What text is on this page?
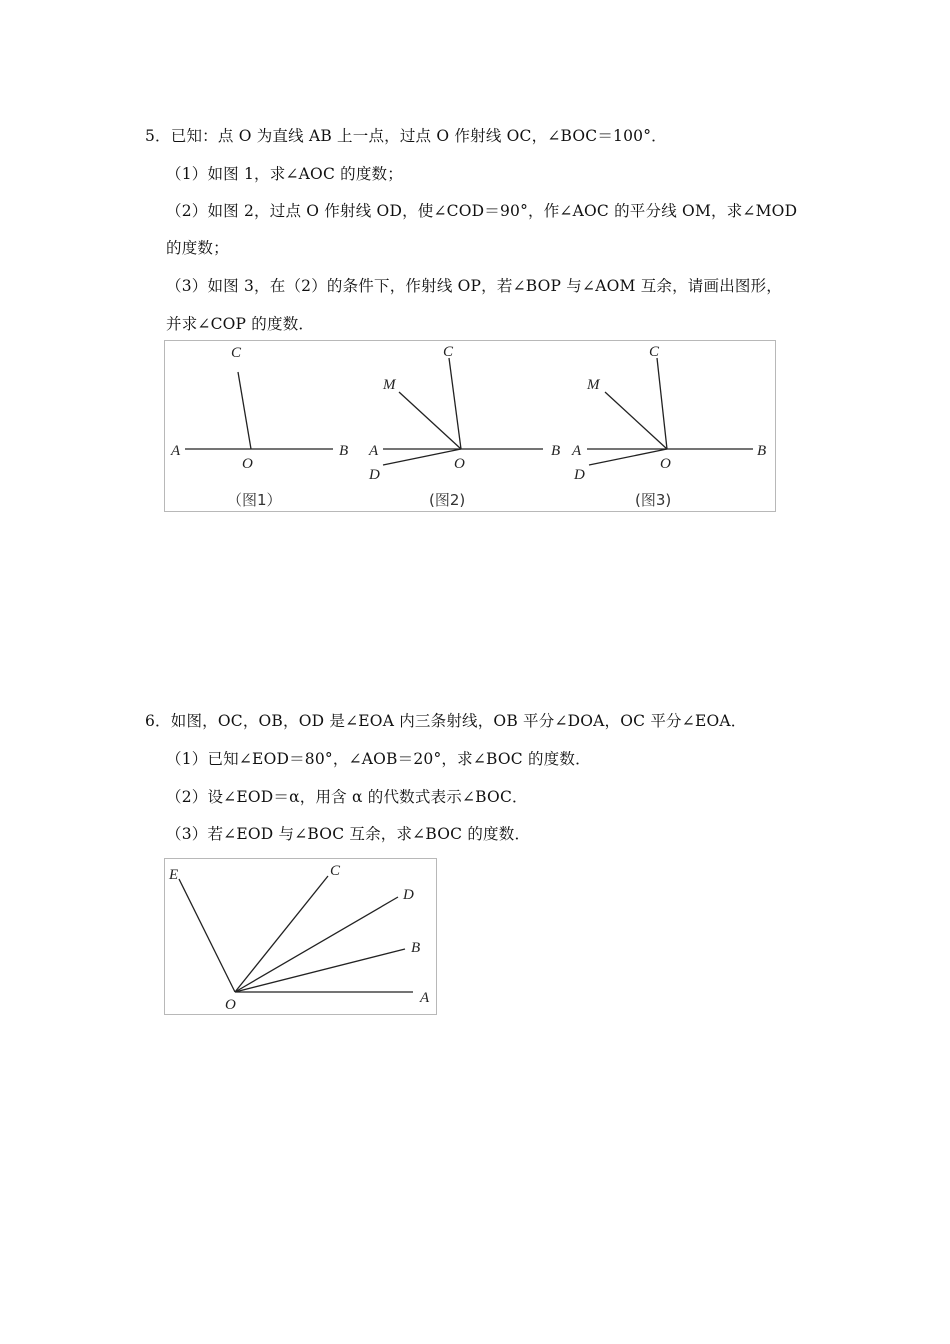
5．已知：点 O 为直线 AB 上一点，过点 O 作射线 OC，∠BOC＝100°．
（1）如图 1，求∠AOC 的度数；
（2）如图 2，过点 O 作射线 OD，使∠COD＝90°，作∠AOC 的平分线 OM，求∠MOD
的度数；
（3）如图 3，在（2）的条件下，作射线 OP，若∠BOP 与∠AOM 互余，请画出图形，
并求∠COP 的度数．
A	B
C
O
（图1）
A	B
C
M
D
O
(图2)
A	B
C
M
D
O
(图3)
6．如图，OC，OB，OD 是∠EOA 内三条射线，OB 平分∠DOA，OC 平分∠EOA．
（1）已知∠EOD＝80°，∠AOB＝20°，求∠BOC 的度数．
（2）设∠EOD＝α，用含 α 的代数式表示∠BOC．
（3）若∠EOD 与∠BOC 互余，求∠BOC 的度数．
E	C
D
B
O	A
